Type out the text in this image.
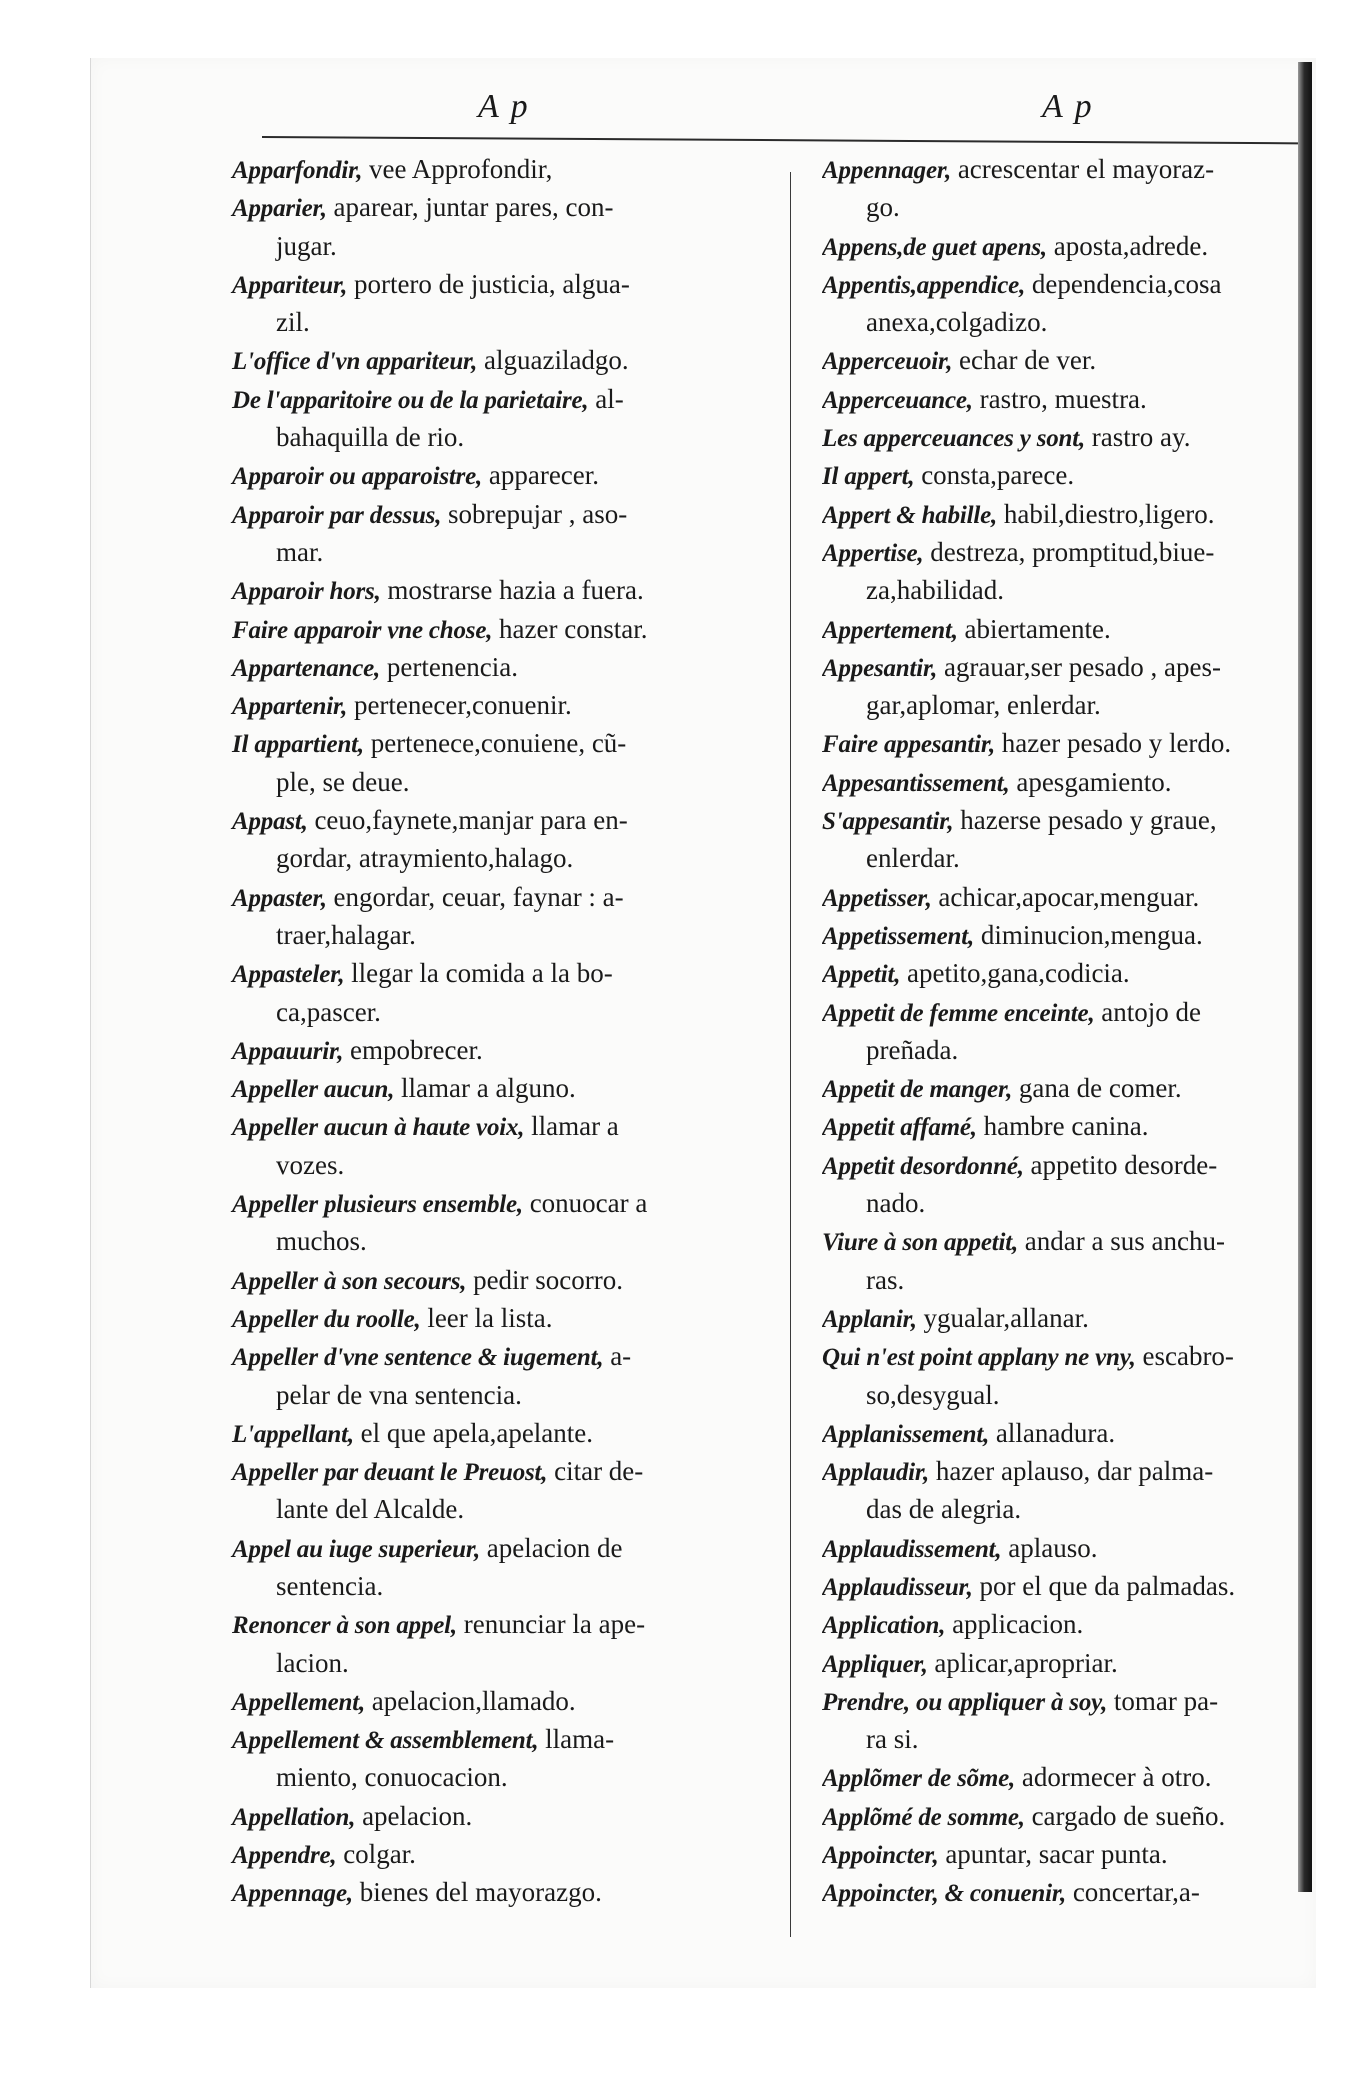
A p	A p
Apparfondir, vee Approfondir,
Apparier, aparear, juntar pares, con-
jugar.
Appariteur, portero de justicia, algua-
zil.
L'office d'vn appariteur, alguaziladgo.
De l'apparitoire ou de la parietaire, al-
bahaquilla de rio.
Apparoir ou apparoistre, apparecer.
Apparoir par dessus, sobrepujar , aso-
mar.
Apparoir hors, mostrarse hazia a fuera.
Faire apparoir vne chose, hazer constar.
Appartenance, pertenencia.
Appartenir, pertenecer,conuenir.
Il appartient, pertenece,conuiene, cũ-
ple, se deue.
Appast, ceuo,faynete,manjar para en-
gordar, atraymiento,halago.
Appaster, engordar, ceuar, faynar : a-
traer,halagar.
Appasteler, llegar la comida a la bo-
ca,pascer.
Appauurir, empobrecer.
Appeller aucun, llamar a alguno.
Appeller aucun à haute voix, llamar a
vozes.
Appeller plusieurs ensemble, conuocar a
muchos.
Appeller à son secours, pedir socorro.
Appeller du roolle, leer la lista.
Appeller d'vne sentence & iugement, a-
pelar de vna sentencia.
L'appellant, el que apela,apelante.
Appeller par deuant le Preuost, citar de-
lante del Alcalde.
Appel au iuge superieur, apelacion de
sentencia.
Renoncer à son appel, renunciar la ape-
lacion.
Appellement, apelacion,llamado.
Appellement & assemblement, llama-
miento, conuocacion.
Appellation, apelacion.
Appendre, colgar.
Appennage, bienes del mayorazgo.
Appennager, acrescentar el mayoraz-
go.
Appens,de guet apens, aposta,adrede.
Appentis,appendice, dependencia,cosa
anexa,colgadizo.
Apperceuoir, echar de ver.
Apperceuance, rastro, muestra.
Les apperceuances y sont, rastro ay.
Il appert, consta,parece.
Appert & habille, habil,diestro,ligero.
Appertise, destreza, promptitud,biue-
za,habilidad.
Appertement, abiertamente.
Appesantir, agrauar,ser pesado , apes-
gar,aplomar, enlerdar.
Faire appesantir, hazer pesado y lerdo.
Appesantissement, apesgamiento.
S'appesantir, hazerse pesado y graue,
enlerdar.
Appetisser, achicar,apocar,menguar.
Appetissement, diminucion,mengua.
Appetit, apetito,gana,codicia.
Appetit de femme enceinte, antojo de
preñada.
Appetit de manger, gana de comer.
Appetit affamé, hambre canina.
Appetit desordonné, appetito desorde-
nado.
Viure à son appetit, andar a sus anchu-
ras.
Applanir, ygualar,allanar.
Qui n'est point applany ne vny, escabro-
so,desygual.
Applanissement, allanadura.
Applaudir, hazer aplauso, dar palma-
das de alegria.
Applaudissement, aplauso.
Applaudisseur, por el que da palmadas.
Application, applicacion.
Appliquer, aplicar,apropriar.
Prendre, ou appliquer à soy, tomar pa-
ra si.
Applõmer de sõme, adormecer à otro.
Applõmé de somme, cargado de sueño.
Appoincter, apuntar, sacar punta.
Appoincter, & conuenir, concertar,a-
